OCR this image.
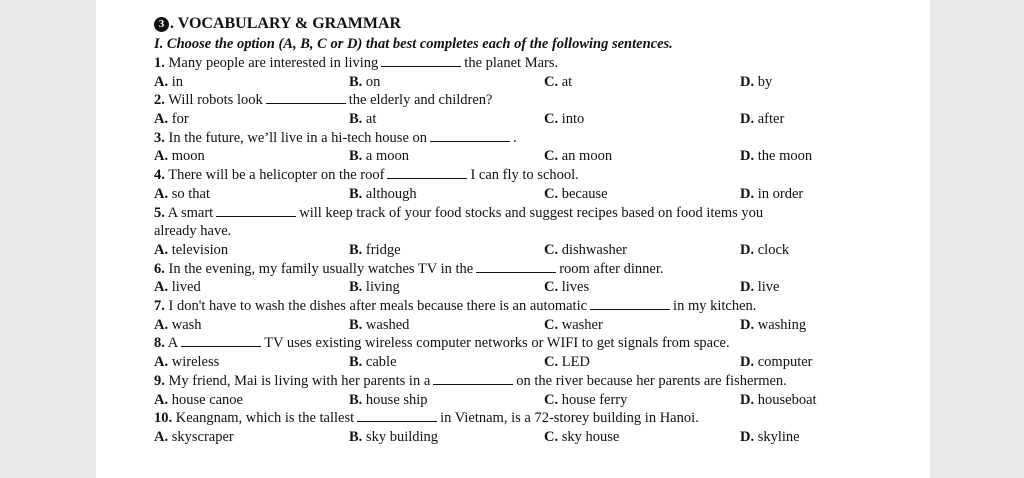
3 . VOCABULARY & GRAMMAR
I. Choose the option (A, B, C or D) that best completes each of the following sentences.
1. Many people are interested in living	the planet Mars.
A. in	B. on	C. at	D. by
2. Will robots look	the elderly and children?
A. for	B. at	C. into	D. after
3. In the future, we’ll live in a hi-tech house on	.
A. moon	B. a moon	C. an moon	D. the moon
4. There will be a helicopter on the roof	I can fly to school.
A. so that	B. although	C. because	D. in order
5. A smart	will keep track of your food stocks and suggest recipes based on food items you
already have.
A. television	B. fridge	C. dishwasher	D. clock
6. In the evening, my family usually watches TV in the	room after dinner.
A. lived	B. living	C. lives	D. live
7. I don't have to wash the dishes after meals because there is an automatic	in my kitchen.
A. wash	B. washed	C. washer	D. washing
8. A	TV uses existing wireless computer networks or WIFI to get signals from space.
A. wireless	B. cable	C. LED	D. computer
9. My friend, Mai is living with her parents in a	on the river because her parents are fishermen.
A. house canoe	B. house ship	C. house ferry	D. houseboat
10. Keangnam, which is the tallest	in Vietnam, is a 72-storey building in Hanoi.
A. skyscraper	B. sky building	C. sky house	D. skyline
